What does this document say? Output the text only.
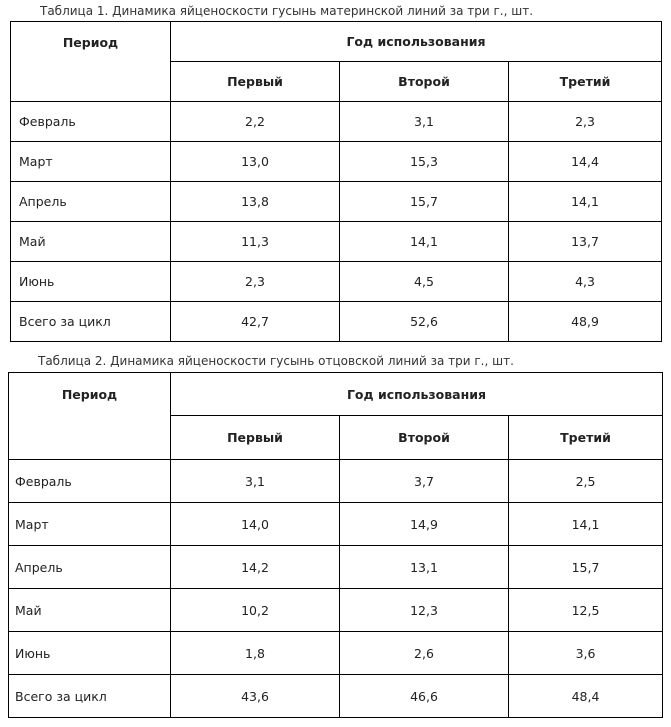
Таблица 1. Динамика яйценоскости гусынь материнской линий за три г., шт.
Период	Год использования		
	Первый	Второй	Третий
Февраль	2,2	3,1	2,3
Март	13,0	15,3	14,4
Апрель	13,8	15,7	14,1
Май	11,3	14,1	13,7
Июнь	2,3	4,5	4,3
Всего за цикл	42,7	52,6	48,9
Таблица 2. Динамика яйценоскости гусынь отцовской линий за три г., шт.
Период	Год использования		
	Первый	Второй	Третий
Февраль	3,1	3,7	2,5
Март	14,0	14,9	14,1
Апрель	14,2	13,1	15,7
Май	10,2	12,3	12,5
Июнь	1,8	2,6	3,6
Всего за цикл	43,6	46,6	48,4
